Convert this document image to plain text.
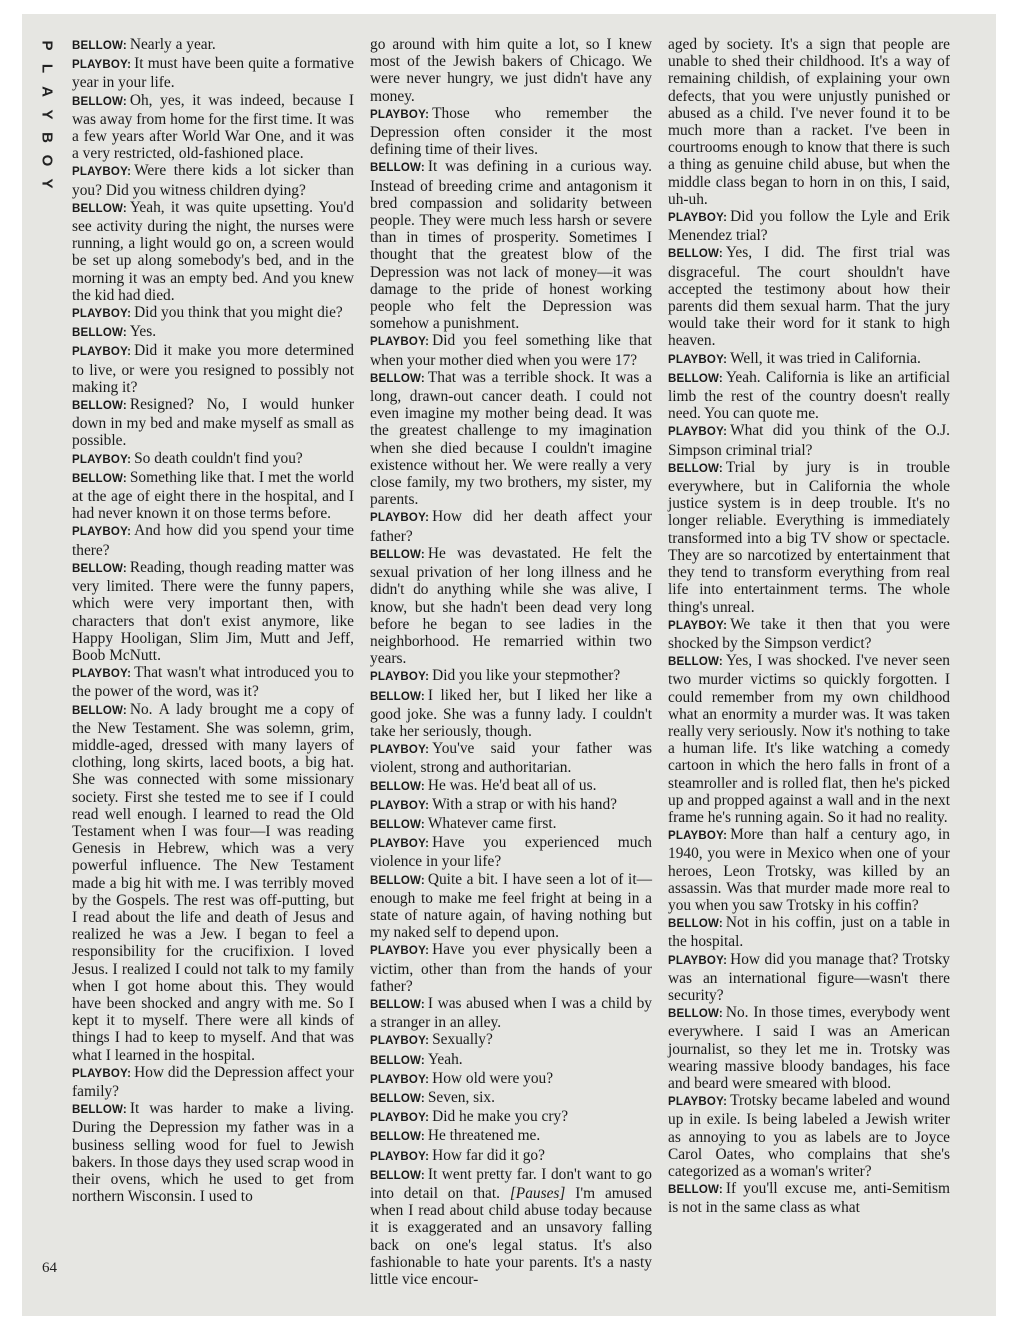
P
L
A
Y
B
O
Y

BELLOW: Nearly a year.

PLAYBOY: It must have been quite a formative year in your life.

BELLOW: Oh, yes, it was indeed, because I was away from home for the first time. It was a few years after World War One, and it was a very restricted, old-fashioned place.

PLAYBOY: Were there kids a lot sicker than you? Did you witness children dying?

BELLOW: Yeah, it was quite upsetting. You'd see activity during the night, the nurses were running, a light would go on, a screen would be set up along somebody's bed, and in the morning it was an empty bed. And you knew the kid had died.

PLAYBOY: Did you think that you might die?

BELLOW: Yes.

PLAYBOY: Did it make you more determined to live, or were you resigned to possibly not making it?

BELLOW: Resigned? No, I would hunker down in my bed and make myself as small as possible.

PLAYBOY: So death couldn't find you?

BELLOW: Something like that. I met the world at the age of eight there in the hospital, and I had never known it on those terms before.

PLAYBOY: And how did you spend your time there?

BELLOW: Reading, though reading matter was very limited. There were the funny papers, which were very important then, with characters that don't exist anymore, like Happy Hooligan, Slim Jim, Mutt and Jeff, Boob McNutt.

PLAYBOY: That wasn't what introduced you to the power of the word, was it?

BELLOW: No. A lady brought me a copy of the New Testament. She was solemn, grim, middle-aged, dressed with many layers of clothing, long skirts, laced boots, a big hat. She was connected with some missionary society. First she tested me to see if I could read well enough. I learned to read the Old Testament when I was four—I was reading Genesis in Hebrew, which was a very powerful influence. The New Testament made a big hit with me. I was terribly moved by the Gospels. The rest was off-putting, but I read about the life and death of Jesus and realized he was a Jew. I began to feel a responsibility for the crucifixion. I loved Jesus. I realized I could not talk to my family when I got home about this. They would have been shocked and angry with me. So I kept it to myself. There were all kinds of things I had to keep to myself. And that was what I learned in the hospital.

PLAYBOY: How did the Depression affect your family?

BELLOW: It was harder to make a living. During the Depression my father was in a business selling wood for fuel to Jewish bakers. In those days they used scrap wood in their ovens, which he used to get from northern Wisconsin. I used to

go around with him quite a lot, so I knew most of the Jewish bakers of Chicago. We were never hungry, we just didn't have any money.

PLAYBOY: Those who remember the Depression often consider it the most defining time of their lives.

BELLOW: It was defining in a curious way. Instead of breeding crime and antagonism it bred compassion and solidarity between people. They were much less harsh or severe than in times of prosperity. Sometimes I thought that the greatest blow of the Depression was not lack of money—it was damage to the pride of honest working people who felt the Depression was somehow a punishment.

PLAYBOY: Did you feel something like that when your mother died when you were 17?

BELLOW: That was a terrible shock. It was a long, drawn-out cancer death. I could not even imagine my mother being dead. It was the greatest challenge to my imagination when she died because I couldn't imagine existence without her. We were really a very close family, my two brothers, my sister, my parents.

PLAYBOY: How did her death affect your father?

BELLOW: He was devastated. He felt the sexual privation of her long illness and he didn't do anything while she was alive, I know, but she hadn't been dead very long before he began to see ladies in the neighborhood. He remarried within two years.

PLAYBOY: Did you like your stepmother?

BELLOW: I liked her, but I liked her like a good joke. She was a funny lady. I couldn't take her seriously, though.

PLAYBOY: You've said your father was violent, strong and authoritarian.

BELLOW: He was. He'd beat all of us.

PLAYBOY: With a strap or with his hand?

BELLOW: Whatever came first.

PLAYBOY: Have you experienced much violence in your life?

BELLOW: Quite a bit. I have seen a lot of it—enough to make me feel fright at being in a state of nature again, of having nothing but my naked self to depend upon.

PLAYBOY: Have you ever physically been a victim, other than from the hands of your father?

BELLOW: I was abused when I was a child by a stranger in an alley.

PLAYBOY: Sexually?

BELLOW: Yeah.

PLAYBOY: How old were you?

BELLOW: Seven, six.

PLAYBOY: Did he make you cry?

BELLOW: He threatened me.

PLAYBOY: How far did it go?

BELLOW: It went pretty far. I don't want to go into detail on that. [Pauses] I'm amused when I read about child abuse today because it is exaggerated and an unsavory falling back on one's legal status. It's also fashionable to hate your parents. It's a nasty little vice encour-

aged by society. It's a sign that people are unable to shed their childhood. It's a way of remaining childish, of explaining your own defects, that you were unjustly punished or abused as a child. I've never found it to be much more than a racket. I've been in courtrooms enough to know that there is such a thing as genuine child abuse, but when the middle class began to horn in on this, I said, uh-uh.

PLAYBOY: Did you follow the Lyle and Erik Menendez trial?

BELLOW: Yes, I did. The first trial was disgraceful. The court shouldn't have accepted the testimony about how their parents did them sexual harm. That the jury would take their word for it stank to high heaven.

PLAYBOY: Well, it was tried in California.

BELLOW: Yeah. California is like an artificial limb the rest of the country doesn't really need. You can quote me.

PLAYBOY: What did you think of the O.J. Simpson criminal trial?

BELLOW: Trial by jury is in trouble everywhere, but in California the whole justice system is in deep trouble. It's no longer reliable. Everything is immediately transformed into a big TV show or spectacle. They are so narcotized by entertainment that they tend to transform everything from real life into entertainment terms. The whole thing's unreal.

PLAYBOY: We take it then that you were shocked by the Simpson verdict?

BELLOW: Yes, I was shocked. I've never seen two murder victims so quickly forgotten. I could remember from my own childhood what an enormity a murder was. It was taken really very seriously. Now it's nothing to take a human life. It's like watching a comedy cartoon in which the hero falls in front of a steamroller and is rolled flat, then he's picked up and propped against a wall and in the next frame he's running again. So it had no reality.

PLAYBOY: More than half a century ago, in 1940, you were in Mexico when one of your heroes, Leon Trotsky, was killed by an assassin. Was that murder made more real to you when you saw Trotsky in his coffin?

BELLOW: Not in his coffin, just on a table in the hospital.

PLAYBOY: How did you manage that? Trotsky was an international figure—wasn't there security?

BELLOW: No. In those times, everybody went everywhere. I said I was an American journalist, so they let me in. Trotsky was wearing massive bloody bandages, his face and beard were smeared with blood.

PLAYBOY: Trotsky became labeled and wound up in exile. Is being labeled a Jewish writer as annoying to you as labels are to Joyce Carol Oates, who complains that she's categorized as a woman's writer?

BELLOW: If you'll excuse me, anti-Semitism is not in the same class as what

64
